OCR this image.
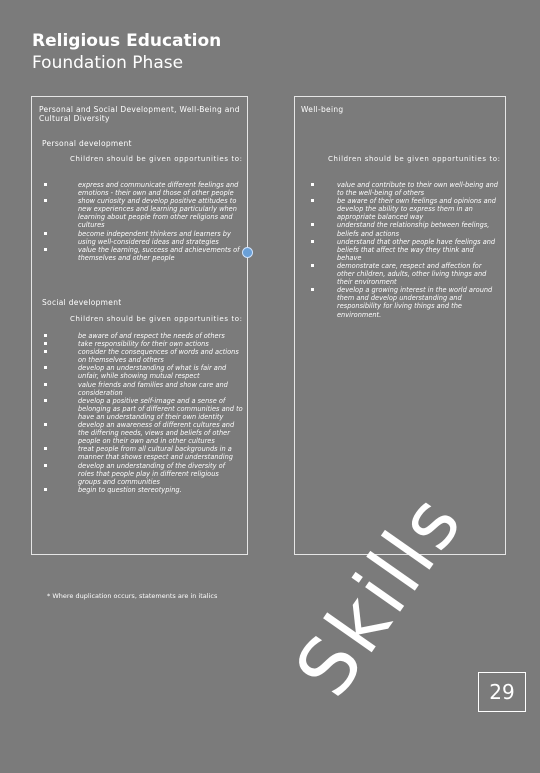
Religious Education
Foundation Phase
Personal and Social Development, Well-Being and Cultural Diversity
Well-being
Personal development
Children should be given opportunities to:	Children should be given opportunities to:
express and communicate different feelings and emotions - their own and those of other people
show curiosity and develop positive attitudes to new experiences and learning particularly when learning about people from other religions and cultures
become independent thinkers and learners by using well-considered ideas and strategies
value the learning, success and achievements of themselves and other people
Social development
Children should be given opportunities to:
be aware of and respect the needs of others
take responsibility for their own actions
consider the consequences of words and actions on themselves and others
develop an understanding of what is fair and unfair, while showing mutual respect
value friends and families and show care and consideration
develop a positive self-image and a sense of belonging as part of different communities and to have an understanding of their own identity
develop an awareness of different cultures and the differing needs, views and beliefs of other people on their own and in other cultures
treat people from all cultural backgrounds in a manner that shows respect and understanding
develop an understanding of the diversity of roles that people play in different religious groups and communities
begin to question stereotyping.
value and contribute to their own well-being and to the well-being of others
be aware of their own feelings and opinions and develop the ability to express them in an appropriate balanced way
understand the relationship between feelings, beliefs and actions
understand that other people have feelings and beliefs that affect the way they think and behave
demonstrate care, respect and affection for other children, adults, other living things and their environment
develop a growing interest in the world around them and develop understanding and responsibility for living things and the environment.
* Where duplication occurs, statements are in italics Skills 29
